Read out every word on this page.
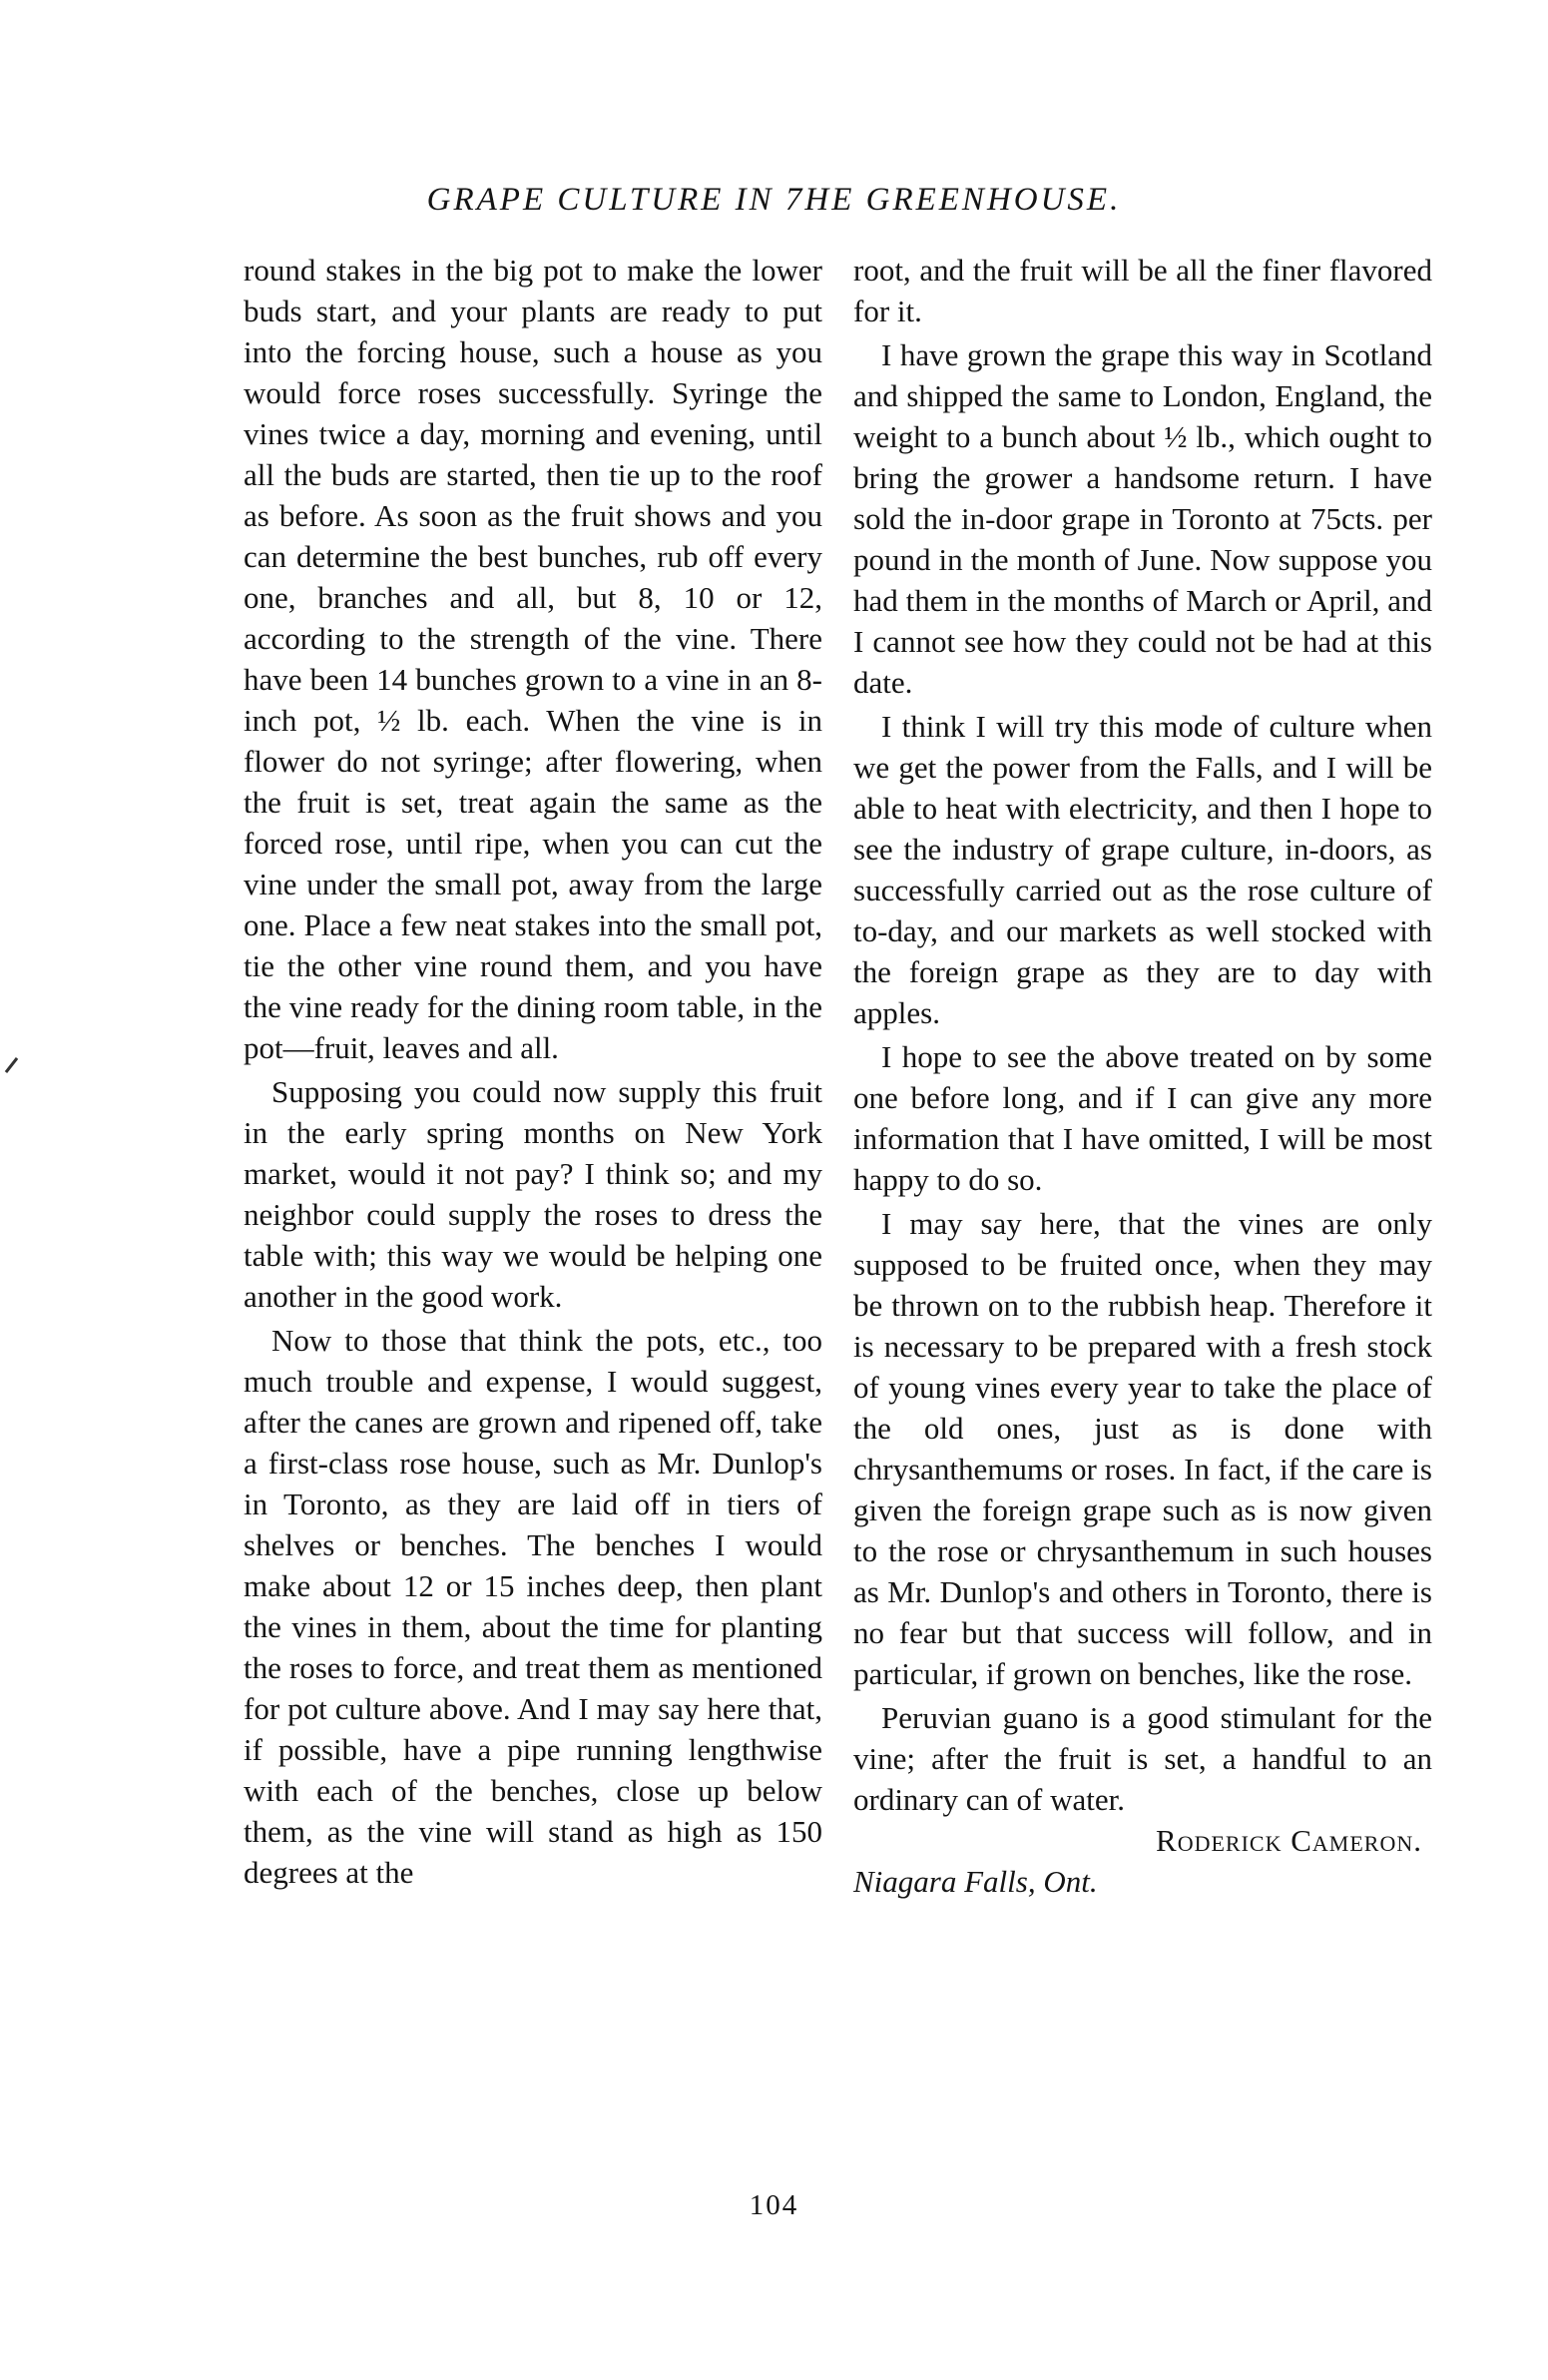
GRAPE CULTURE IN 7HE GREENHOUSE.

round stakes in the big pot to make the lower buds start, and your plants are ready to put into the forcing house, such a house as you would force roses successfully. Syringe the vines twice a day, morning and evening, until all the buds are started, then tie up to the roof as before. As soon as the fruit shows and you can determine the best bunches, rub off every one, branches and all, but 8, 10 or 12, according to the strength of the vine. There have been 14 bunches grown to a vine in an 8-inch pot, ½ lb. each. When the vine is in flower do not syringe; after flowering, when the fruit is set, treat again the same as the forced rose, until ripe, when you can cut the vine under the small pot, away from the large one. Place a few neat stakes into the small pot, tie the other vine round them, and you have the vine ready for the dining room table, in the pot—fruit, leaves and all.

Supposing you could now supply this fruit in the early spring months on New York market, would it not pay? I think so; and my neighbor could supply the roses to dress the table with; this way we would be helping one another in the good work.

Now to those that think the pots, etc., too much trouble and expense, I would suggest, after the canes are grown and ripened off, take a first-class rose house, such as Mr. Dunlop's in Toronto, as they are laid off in tiers of shelves or benches. The benches I would make about 12 or 15 inches deep, then plant the vines in them, about the time for planting the roses to force, and treat them as mentioned for pot culture above. And I may say here that, if possible, have a pipe running lengthwise with each of the benches, close up below them, as the vine will stand as high as 150 degrees at the

root, and the fruit will be all the finer flavored for it.

I have grown the grape this way in Scotland and shipped the same to London, England, the weight to a bunch about ½ lb., which ought to bring the grower a handsome return. I have sold the in-door grape in Toronto at 75cts. per pound in the month of June. Now suppose you had them in the months of March or April, and I cannot see how they could not be had at this date.

I think I will try this mode of culture when we get the power from the Falls, and I will be able to heat with electricity, and then I hope to see the industry of grape culture, in-doors, as successfully carried out as the rose culture of to-day, and our markets as well stocked with the foreign grape as they are to day with apples.

I hope to see the above treated on by some one before long, and if I can give any more information that I have omitted, I will be most happy to do so.

I may say here, that the vines are only supposed to be fruited once, when they may be thrown on to the rubbish heap. Therefore it is necessary to be prepared with a fresh stock of young vines every year to take the place of the old ones, just as is done with chrysanthemums or roses. In fact, if the care is given the foreign grape such as is now given to the rose or chrysanthemum in such houses as Mr. Dunlop's and others in Toronto, there is no fear but that success will follow, and in particular, if grown on benches, like the rose.

Peruvian guano is a good stimulant for the vine; after the fruit is set, a handful to an ordinary can of water.

Roderick Cameron.

Niagara Falls, Ont.

104
